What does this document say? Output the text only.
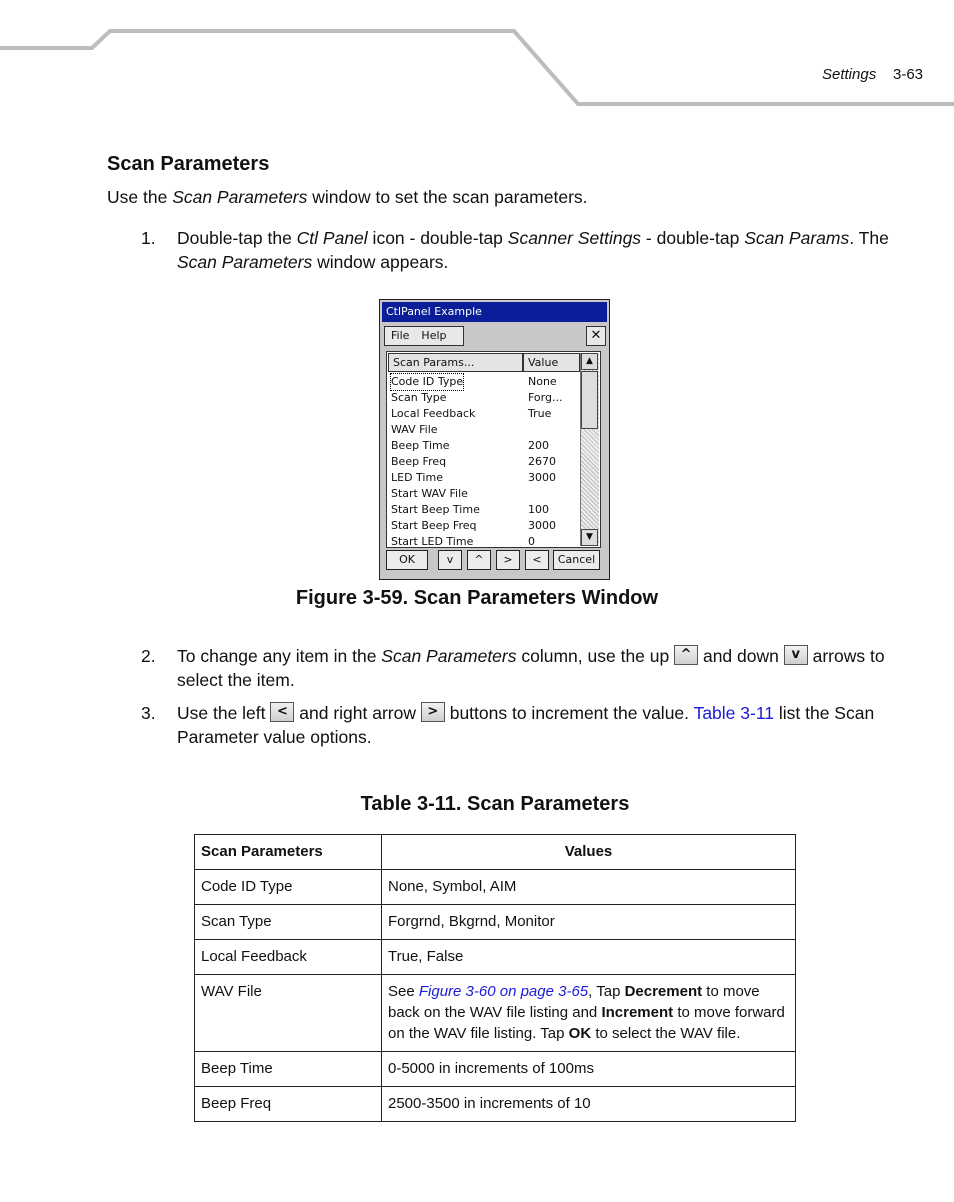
Settings 3-63
Scan Parameters
Use the Scan Parameters window to set the scan parameters.
1. Double-tap the Ctl Panel icon - double-tap Scanner Settings - double-tap Scan Params. The Scan Parameters window appears.
CtlPanel Example
File Help	✕
Scan Params...	Value
Code ID Type	None
Scan Type	Forg...
Local Feedback	True
WAV File
Beep Time	200
Beep Freq	2670
LED Time	3000
Start WAV File
Start Beep Time	100
Start Beep Freq	3000
Start LED Time	0
▲
▼
OK	v	^	>	<	Cancel
Figure 3-59. Scan Parameters Window
2. To change any item in the Scan Parameters column, use the up ^ and down v arrows to select the item.
3. Use the left < and right arrow > buttons to increment the value. Table 3-11 list the Scan Parameter value options.
Table 3-11. Scan Parameters
Scan Parameters	Values
Code ID Type	None, Symbol, AIM
Scan Type	Forgrnd, Bkgrnd, Monitor
Local Feedback	True, False
WAV File	See Figure 3-60 on page 3-65, Tap Decrement to move back on the WAV file listing and Increment to move forward on the WAV file listing. Tap OK to select the WAV file.
Beep Time	0-5000 in increments of 100ms
Beep Freq	2500-3500 in increments of 10
